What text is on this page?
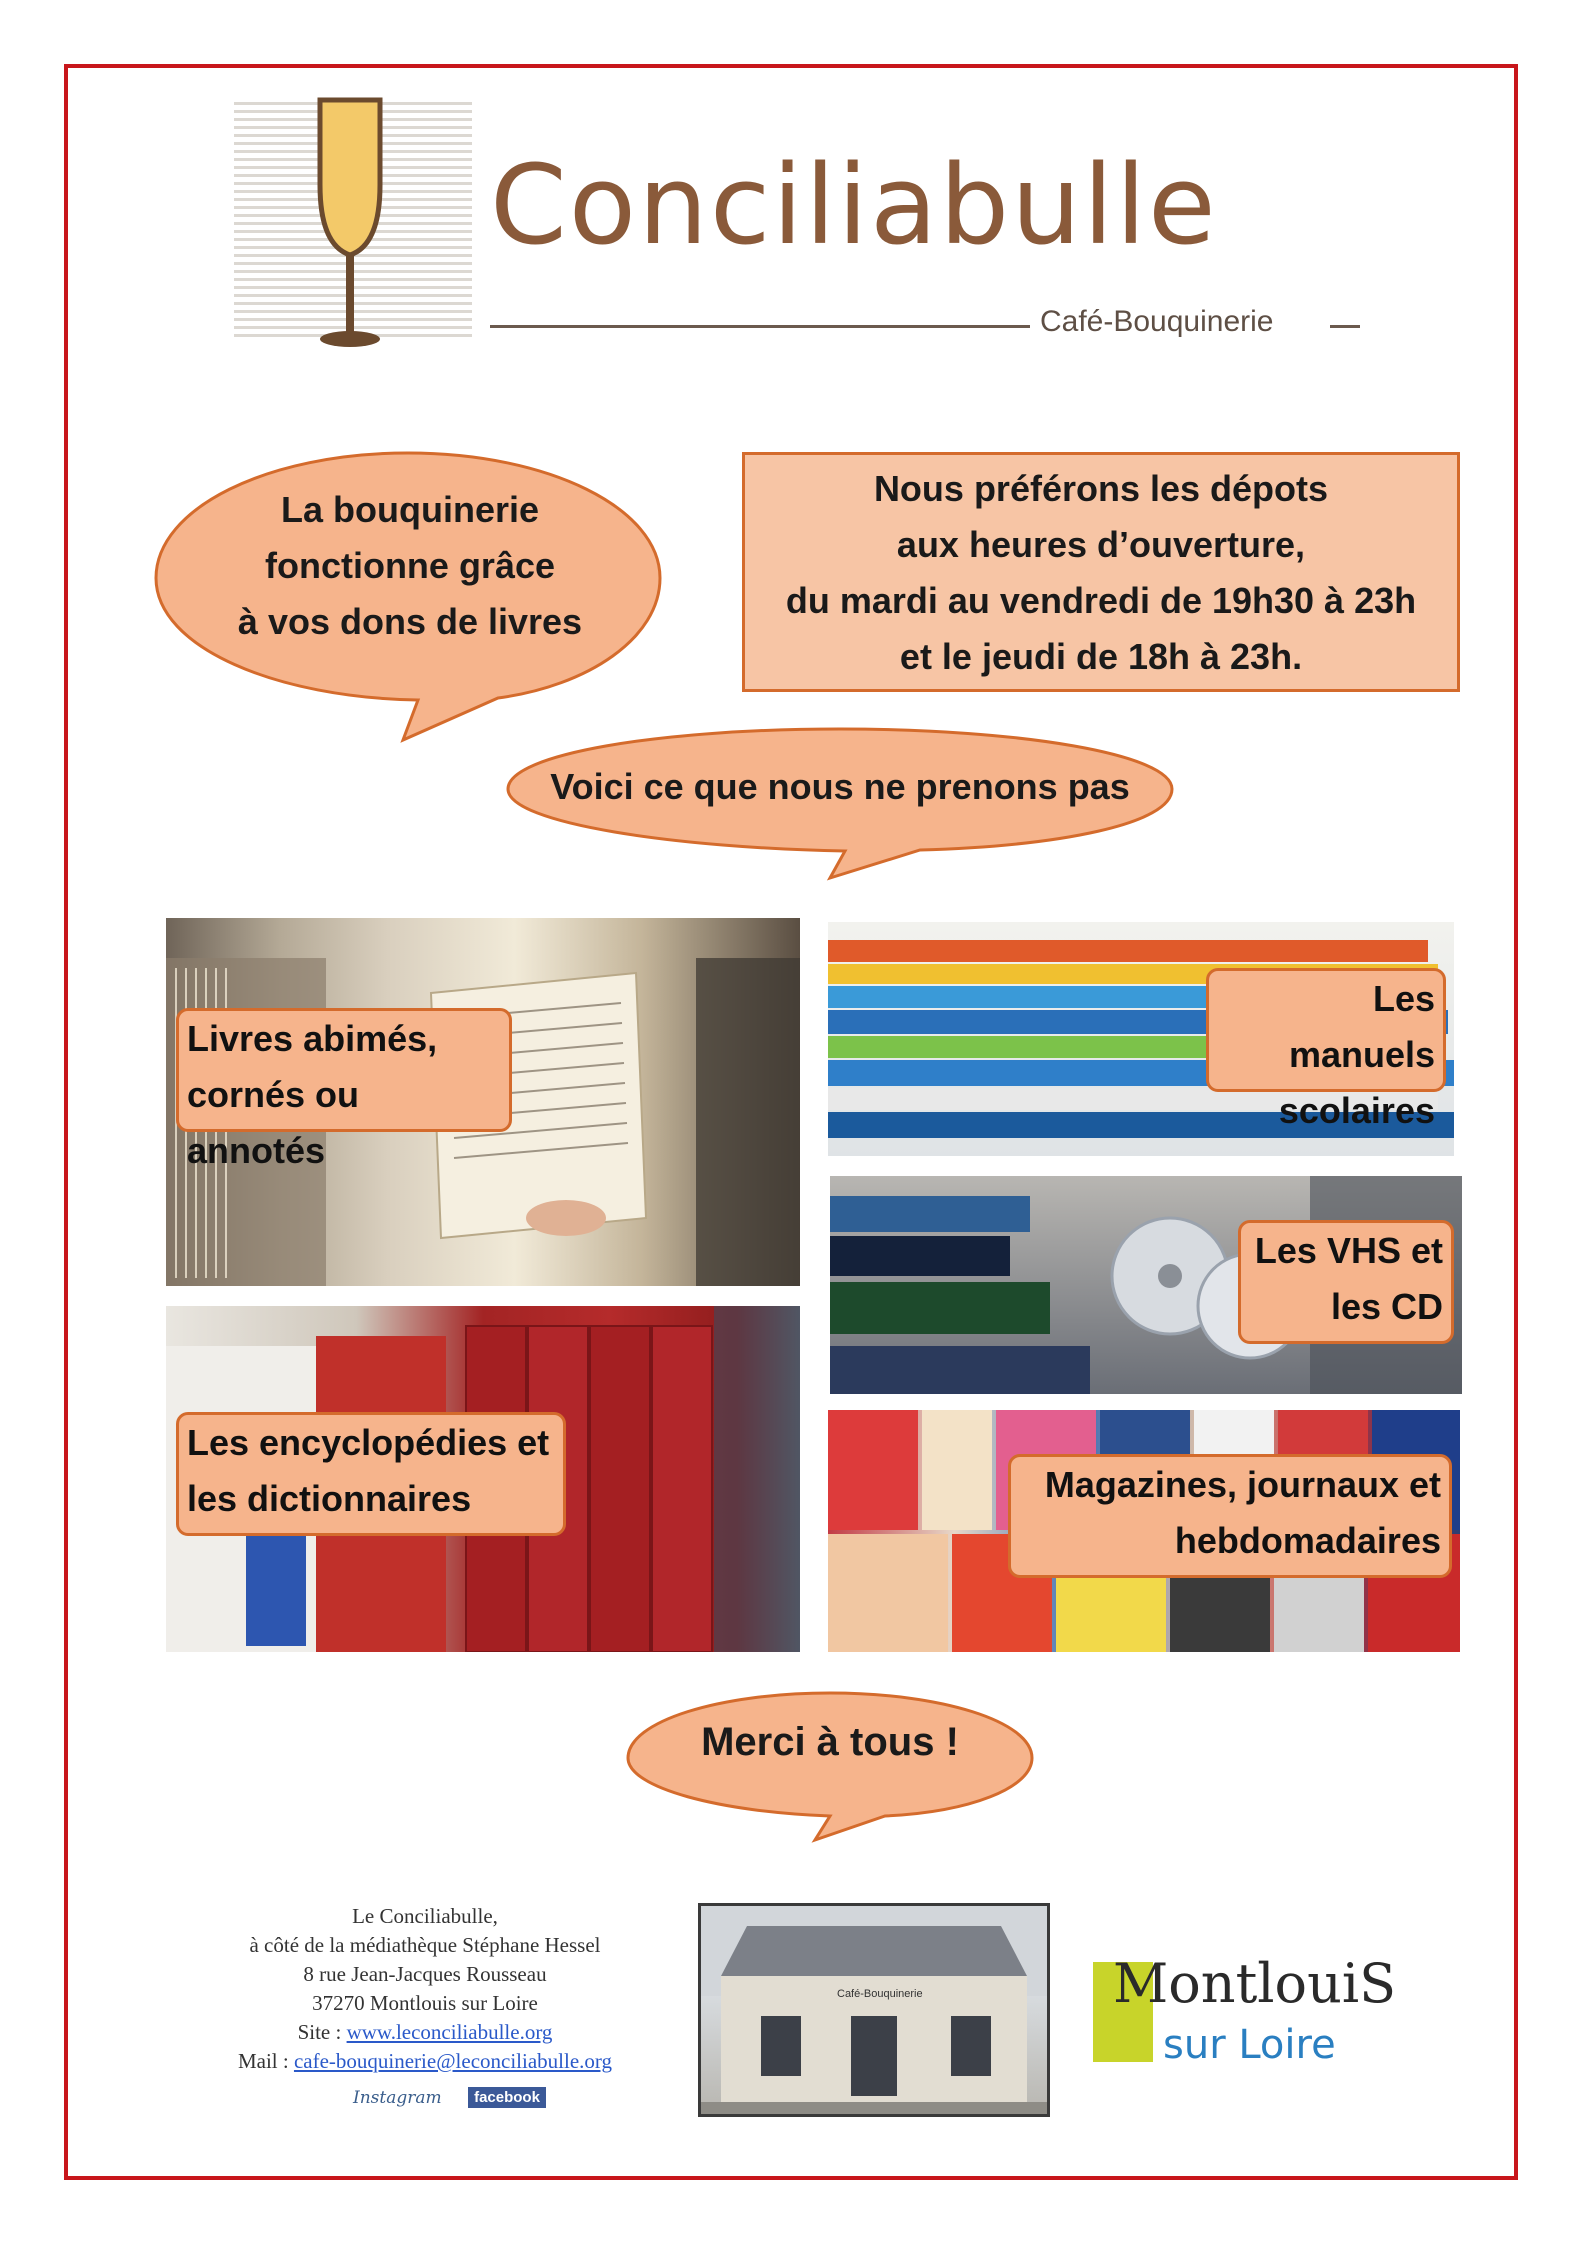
Conciliabulle
Café-Bouquinerie
La bouquinerie
fonctionne grâce
à vos dons de livres
Nous préférons les dépots
aux heures d’ouverture,
du mardi au vendredi de 19h30 à 23h
et le jeudi de 18h à 23h.
Voici ce que nous ne prenons pas
Livres abimés,
cornés ou annotés
Les manuels
scolaires
Les VHS et
les CD
Les encyclopédies et
les dictionnaires	Magazines, journaux et
hebdomadaires
Merci à tous !
Le Conciliabulle,
à côté de la médiathèque Stéphane Hessel
8 rue Jean-Jacques Rousseau
37270 Montlouis sur Loire
Site : www.leconciliabulle.org
Mail : cafe-bouquinerie@leconciliabulle.org
Instagram facebook
Café-Bouquinerie	MontlouiS
sur Loire
